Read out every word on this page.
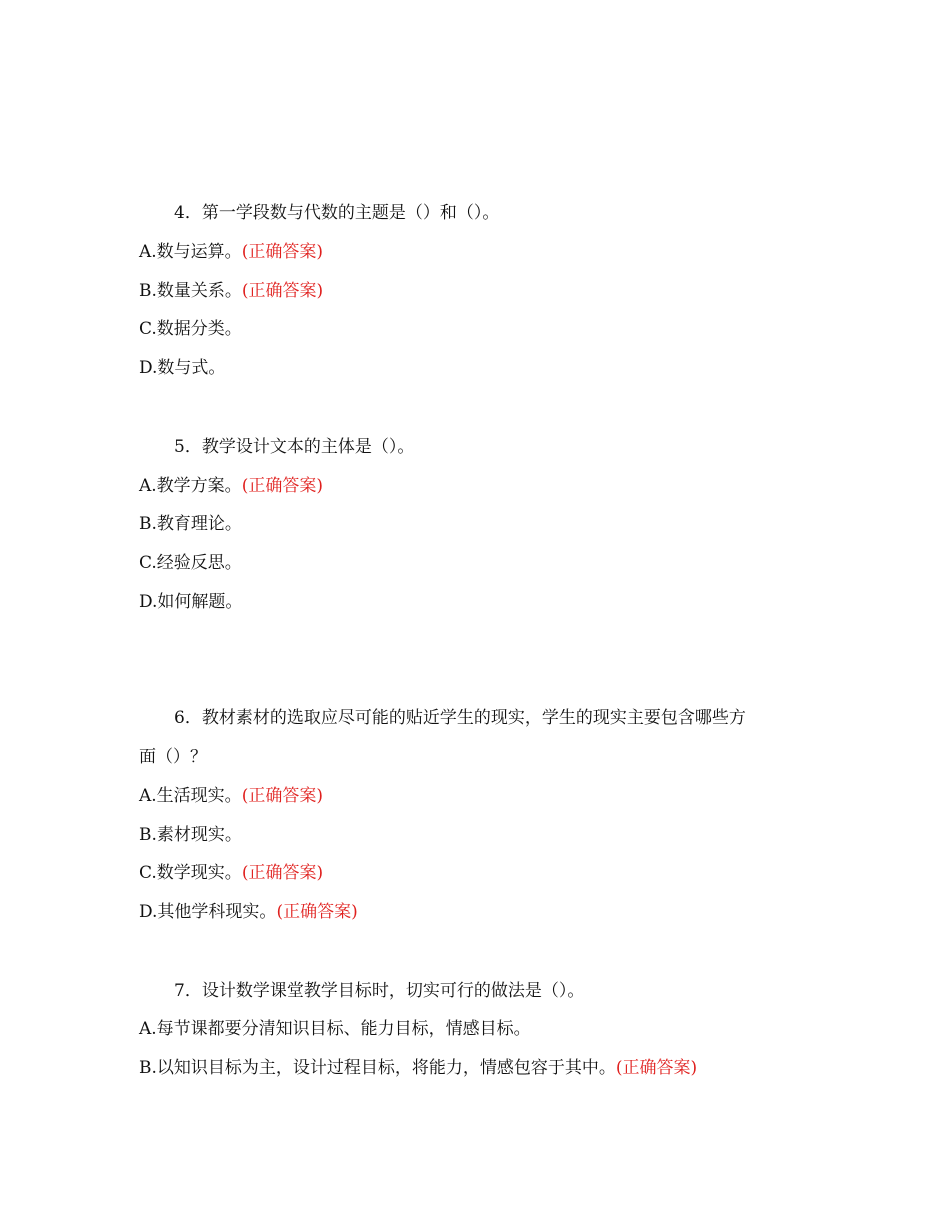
4．第一学段数与代数的主题是（）和（）。
A.数与运算。(正确答案)
B.数量关系。(正确答案)
C.数据分类。
D.数与式。
5．教学设计文本的主体是（）。
A.教学方案。(正确答案)
B.教育理论。
C.经验反思。
D.如何解题。
6．教材素材的选取应尽可能的贴近学生的现实，学生的现实主要包含哪些方
面（）？
A.生活现实。(正确答案)
B.素材现实。
C.数学现实。(正确答案)
D.其他学科现实。(正确答案)
7．设计数学课堂教学目标时，切实可行的做法是（）。
A.每节课都要分清知识目标、能力目标，情感目标。
B.以知识目标为主，设计过程目标，将能力，情感包容于其中。(正确答案)
